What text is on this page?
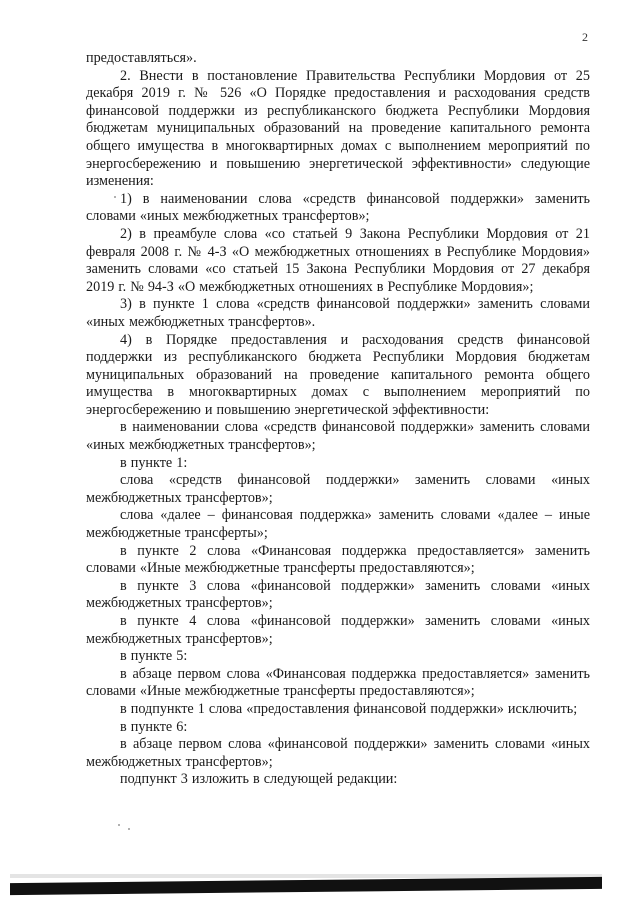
2

предоставляться».

2. Внести в постановление Правительства Республики Мордовия от 25 декабря 2019 г. № 526 «О Порядке предоставления и расходования средств финансовой поддержки из республиканского бюджета Республики Мордовия бюджетам муниципальных образований на проведение капитального ремонта общего имущества в многоквартирных домах с выполнением мероприятий по энергосбережению и повышению энергетической эффективности» следующие изменения:

1) в наименовании слова «средств финансовой поддержки» заменить словами «иных межбюджетных трансфертов»;

2) в преамбуле слова «со статьей 9 Закона Республики Мордовия от 21 февраля 2008 г. № 4-З «О межбюджетных отношениях в Республике Мордовия» заменить словами «со статьей 15 Закона Республики Мордовия от 27 декабря 2019 г. № 94-З «О межбюджетных отношениях в Республике Мордовия»;

3) в пункте 1 слова «средств финансовой поддержки» заменить словами «иных межбюджетных трансфертов».

4) в Порядке предоставления и расходования средств финансовой поддержки из республиканского бюджета Республики Мордовия бюджетам муниципальных образований на проведение капитального ремонта общего имущества в многоквартирных домах с выполнением мероприятий по энергосбережению и повышению энергетической эффективности:

в наименовании слова «средств финансовой поддержки» заменить словами «иных межбюджетных трансфертов»;

в пункте 1:

слова «средств финансовой поддержки» заменить словами «иных межбюджетных трансфертов»;

слова «далее – финансовая поддержка» заменить словами «далее – иные межбюджетные трансферты»;

в пункте 2 слова «Финансовая поддержка предоставляется» заменить словами «Иные межбюджетные трансферты предоставляются»;

в пункте 3 слова «финансовой поддержки» заменить словами «иных межбюджетных трансфертов»;

в пункте 4 слова «финансовой поддержки» заменить словами «иных межбюджетных трансфертов»;

в пункте 5:

в абзаце первом слова «Финансовая поддержка предоставляется» заменить словами «Иные межбюджетные трансферты предоставляются»;

в подпункте 1 слова «предоставления финансовой поддержки» исключить;

в пункте 6:

в абзаце первом слова «финансовой поддержки» заменить словами «иных межбюджетных трансфертов»;

подпункт 3 изложить в следующей редакции:
